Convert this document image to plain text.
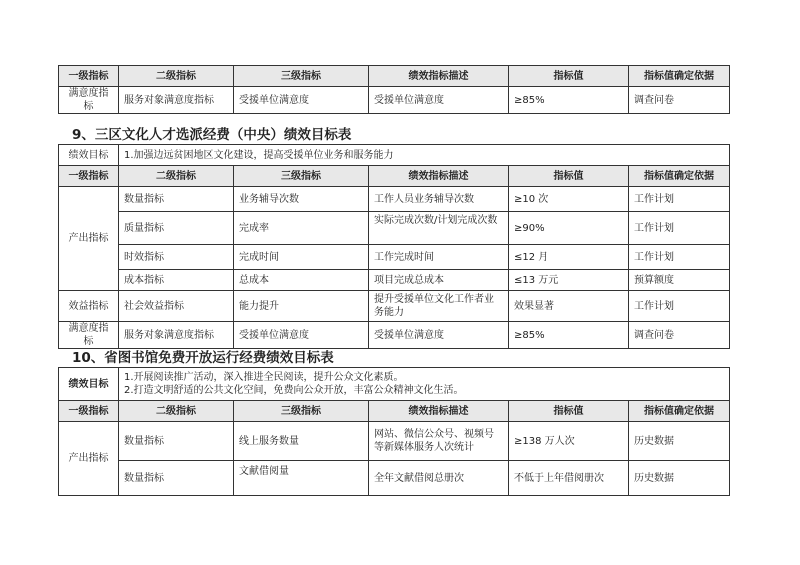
一级指标	二级指标	三级指标	绩效指标描述	指标值	指标值确定依据
满意度指标	服务对象满意度指标	受援单位满意度	受援单位满意度	≥85%	调查问卷
9、三区文化人才选派经费（中央）绩效目标表
绩效目标	1.加强边远贫困地区文化建设，提高受援单位业务和服务能力				
一级指标	二级指标	三级指标	绩效指标描述	指标值	指标值确定依据
产出指标	数量指标	业务辅导次数	工作人员业务辅导次数	≥10 次	工作计划
	质量指标	完成率	实际完成次数/计划完成次数	≥90%	工作计划
	时效指标	完成时间	工作完成时间	≤12 月	工作计划
	成本指标	总成本	项目完成总成本	≤13 万元	预算额度
效益指标	社会效益指标	能力提升	提升受援单位文化工作者业务能力	效果显著	工作计划
满意度指标	服务对象满意度指标	受援单位满意度	受援单位满意度	≥85%	调查问卷
10、省图书馆免费开放运行经费绩效目标表
绩效目标	1.开展阅读推广活动，深入推进全民阅读，提升公众文化素质。
2.打造文明舒适的公共文化空间，免费向公众开放，丰富公众精神文化生活。				

一级指标	二级指标	三级指标	绩效指标描述	指标值	指标值确定依据
产出指标	数量指标	线上服务数量	网站、微信公众号、视频号等新媒体服务人次统计	≥138 万人次	历史数据
	数量指标	文献借阅量	全年文献借阅总册次	不低于上年借阅册次	历史数据
